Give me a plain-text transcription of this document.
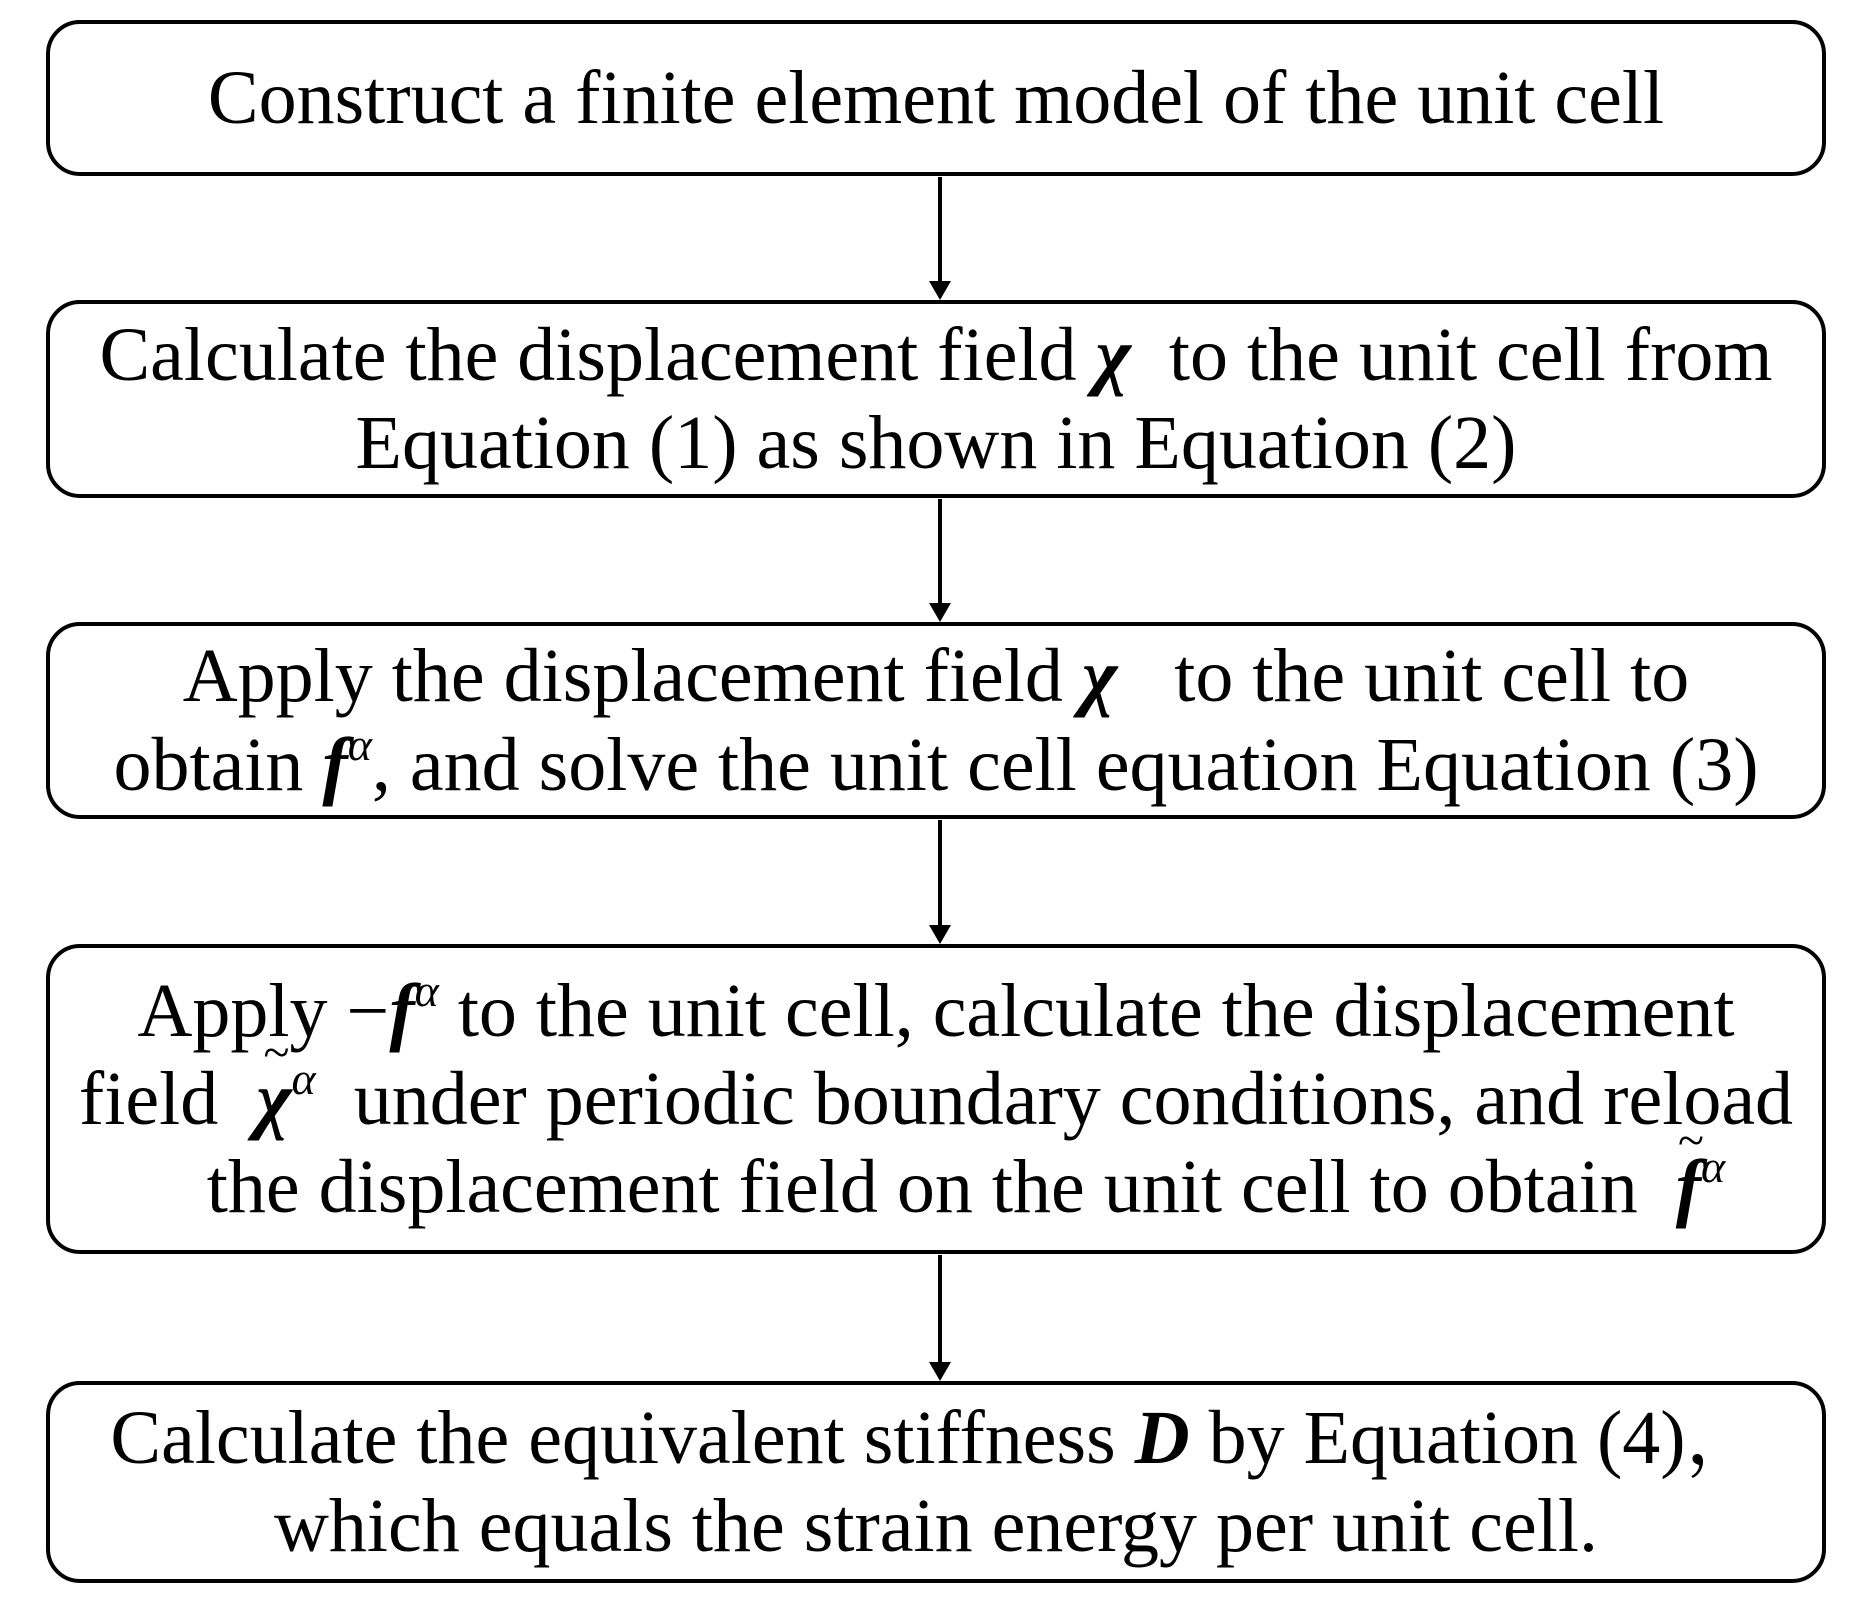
Construct a finite element model of the unit cell
Calculate the displacement field χ  to the unit cell from
Equation (1) as shown in Equation (2)
Apply the displacement field χ   to the unit cell to
obtain $f^\alpha$, and solve the unit cell equation Equation (3)
Apply $-f^\alpha$ to the unit cell, calculate the displacement
field  ~ $\chi^\alpha$  under periodic boundary conditions, and reload
the displacement field on the unit cell to obtain  ~ $f^\alpha$
Calculate the equivalent stiffness D by Equation (4)，
which equals the strain energy per unit cell.
